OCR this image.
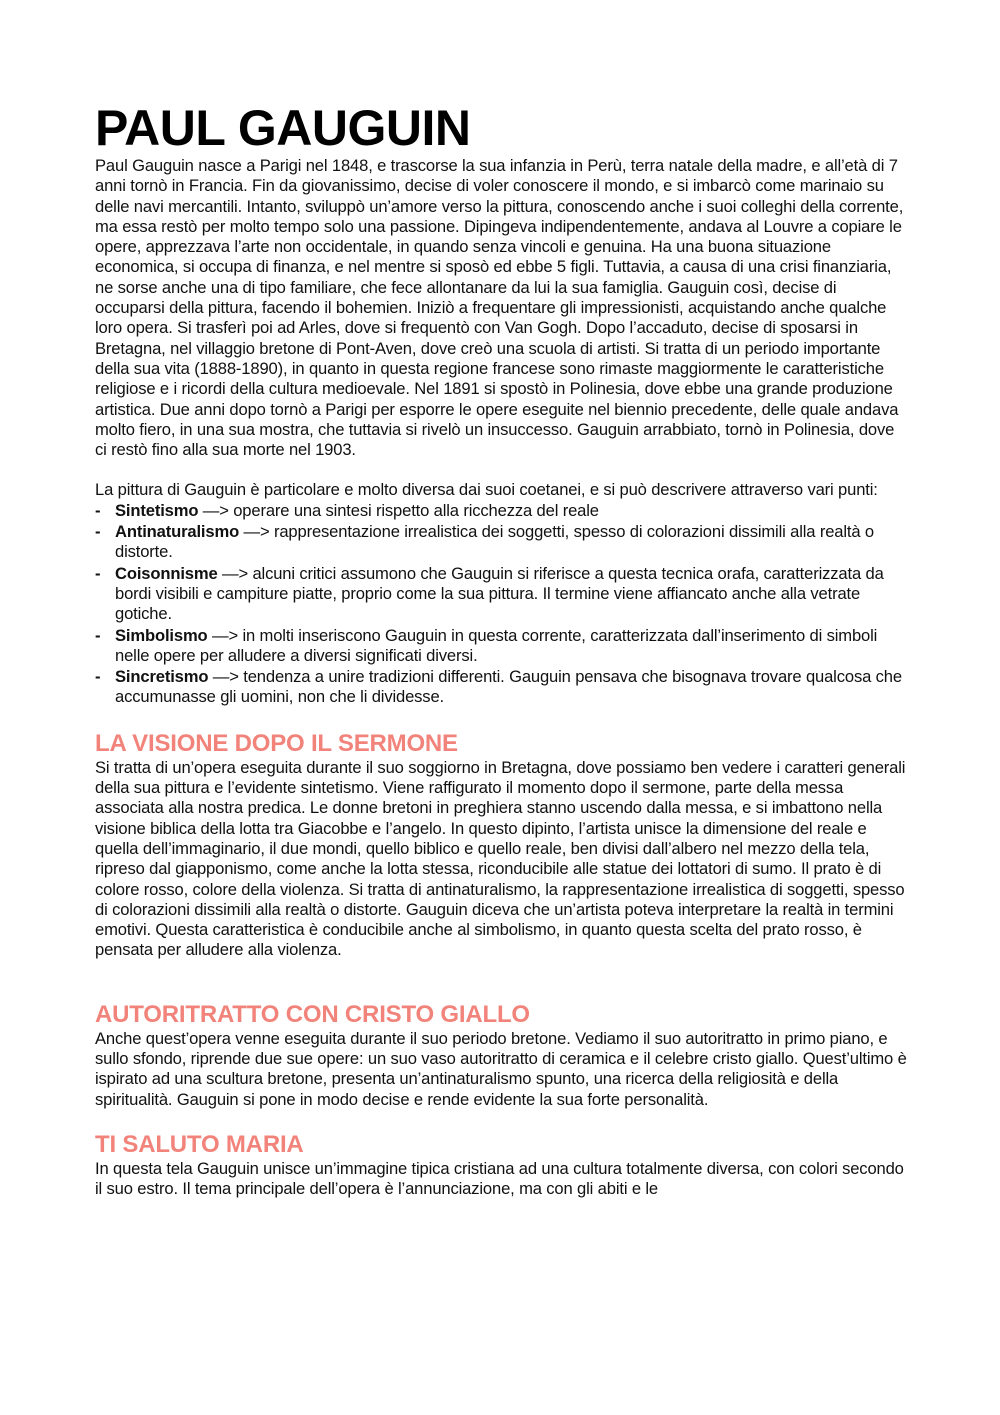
PAUL GAUGUIN

Paul Gauguin nasce a Parigi nel 1848, e trascorse la sua infanzia in Perù, terra natale della madre, e all’età di 7 anni tornò in Francia. Fin da giovanissimo, decise di voler conoscere il mondo, e si imbarcò come marinaio su delle navi mercantili. Intanto, sviluppò un’amore verso la pittura, conoscendo anche i suoi colleghi della corrente, ma essa restò per molto tempo solo una passione. Dipingeva indipendentemente, andava al Louvre a copiare le opere, apprezzava l’arte non occidentale, in quando senza vincoli e genuina. Ha una buona situazione economica, si occupa di finanza, e nel mentre si sposò ed ebbe 5 figli. Tuttavia, a causa di una crisi finanziaria, ne sorse anche una di tipo familiare, che fece allontanare da lui la sua famiglia. Gauguin così, decise di occuparsi della pittura, facendo il bohemien. Iniziò a frequentare gli impressionisti, acquistando anche qualche loro opera. Si trasferì poi ad Arles, dove si frequentò con Van Gogh. Dopo l’accaduto, decise di sposarsi in Bretagna, nel villaggio bretone di Pont-Aven, dove creò una scuola di artisti. Si tratta di un periodo importante della sua vita (1888-1890), in quanto in questa regione francese sono rimaste maggiormente le caratteristiche religiose e i ricordi della cultura medioevale. Nel 1891 si spostò in Polinesia, dove ebbe una grande produzione artistica. Due anni dopo tornò a Parigi per esporre le opere eseguite nel biennio precedente, delle quale andava molto fiero, in una sua mostra, che tuttavia si rivelò un insuccesso. Gauguin arrabbiato, tornò in Polinesia, dove ci restò fino alla sua morte nel 1903.

La pittura di Gauguin è particolare e molto diversa dai suoi coetanei, e si può descrivere attraverso vari punti:

- Sintetismo —> operare una sintesi rispetto alla ricchezza del reale
- Antinaturalismo —> rappresentazione irrealistica dei soggetti, spesso di colorazioni dissimili alla realtà o distorte.
- Coisonnisme —> alcuni critici assumono che Gauguin si riferisce a questa tecnica orafa, caratterizzata da bordi visibili e campiture piatte, proprio come la sua pittura. Il termine viene affiancato anche alla vetrate gotiche.
- Simbolismo —> in molti inseriscono Gauguin in questa corrente, caratterizzata dall’inserimento di simboli nelle opere per alludere a diversi significati diversi.
- Sincretismo —> tendenza a unire tradizioni differenti. Gauguin pensava che bisognava trovare qualcosa che accumunasse gli uomini, non che li dividesse.
LA VISIONE DOPO IL SERMONE

Si tratta di un’opera eseguita durante il suo soggiorno in Bretagna, dove possiamo ben vedere i caratteri generali della sua pittura e l’evidente sintetismo. Viene raffigurato il momento dopo il sermone, parte della messa associata alla nostra predica. Le donne bretoni in preghiera stanno uscendo dalla messa, e si imbattono nella visione biblica della lotta tra Giacobbe e l’angelo. In questo dipinto, l’artista unisce la dimensione del reale e quella dell’immaginario, il due mondi, quello biblico e quello reale, ben divisi dall’albero nel mezzo della tela, ripreso dal giapponismo, come anche la lotta stessa, riconducibile alle statue dei lottatori di sumo. Il prato è di colore rosso, colore della violenza. Si tratta di antinaturalismo, la rappresentazione irrealistica di soggetti, spesso di colorazioni dissimili alla realtà o distorte. Gauguin diceva che un’artista poteva interpretare la realtà in termini emotivi. Questa caratteristica è conducibile anche al simbolismo, in quanto questa scelta del prato rosso, è pensata per alludere alla violenza.

AUTORITRATTO CON CRISTO GIALLO

Anche quest’opera venne eseguita durante il suo periodo bretone. Vediamo il suo autoritratto in primo piano, e sullo sfondo, riprende due sue opere: un suo vaso autoritratto di ceramica e il celebre cristo giallo. Quest’ultimo è ispirato ad una scultura bretone, presenta un’antinaturalismo spunto, una ricerca della religiosità e della spiritualità. Gauguin si pone in modo decise e rende evidente la sua forte personalità.

TI SALUTO MARIA

In questa tela Gauguin unisce un’immagine tipica cristiana ad una cultura totalmente diversa, con colori secondo il suo estro. Il tema principale dell’opera è l’annunciazione, ma con gli abiti e le
